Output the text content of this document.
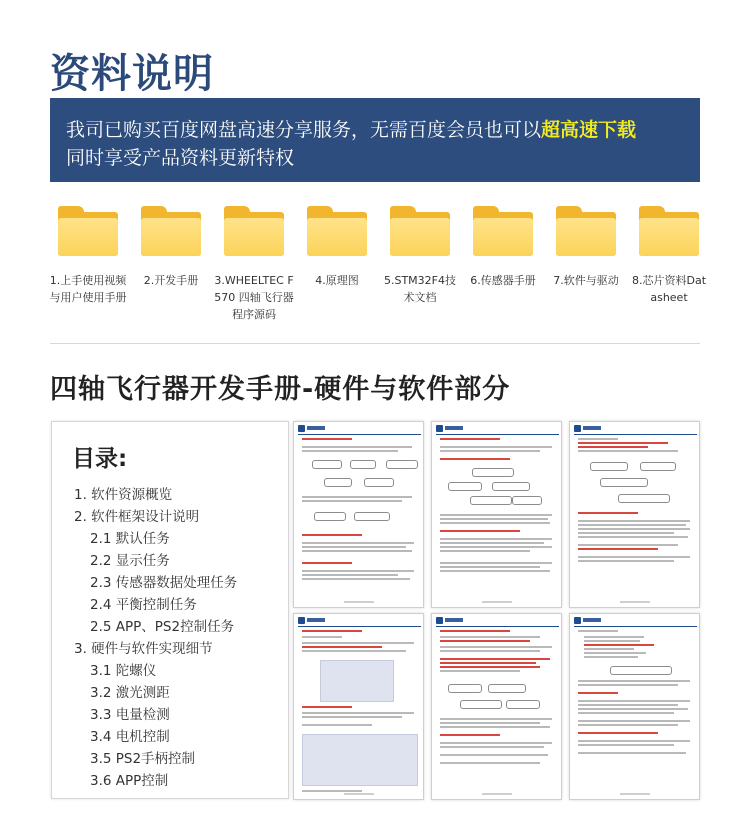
资料说明
我司已购买百度网盘高速分享服务，无需百度会员也可以超高速下载
同时享受产品资料更新特权
1.上手使用视频与用户使用手册
2.开发手册	3.WHEELTEC F570 四轴飞行器程序源码
4.原理图	5.STM32F4技术文档
6.传感器手册	7.软件与驱动	8.芯片资料Datasheet
四轴飞行器开发手册-硬件与软件部分
目录:
1. 软件资源概览
2. 软件框架设计说明
2.1 默认任务
2.2 显示任务
2.3 传感器数据处理任务
2.4 平衡控制任务
2.5 APP、PS2控制任务
3. 硬件与软件实现细节
3.1 陀螺仪
3.2 激光测距
3.3 电量检测
3.4 电机控制
3.5 PS2手柄控制
3.6 APP控制
